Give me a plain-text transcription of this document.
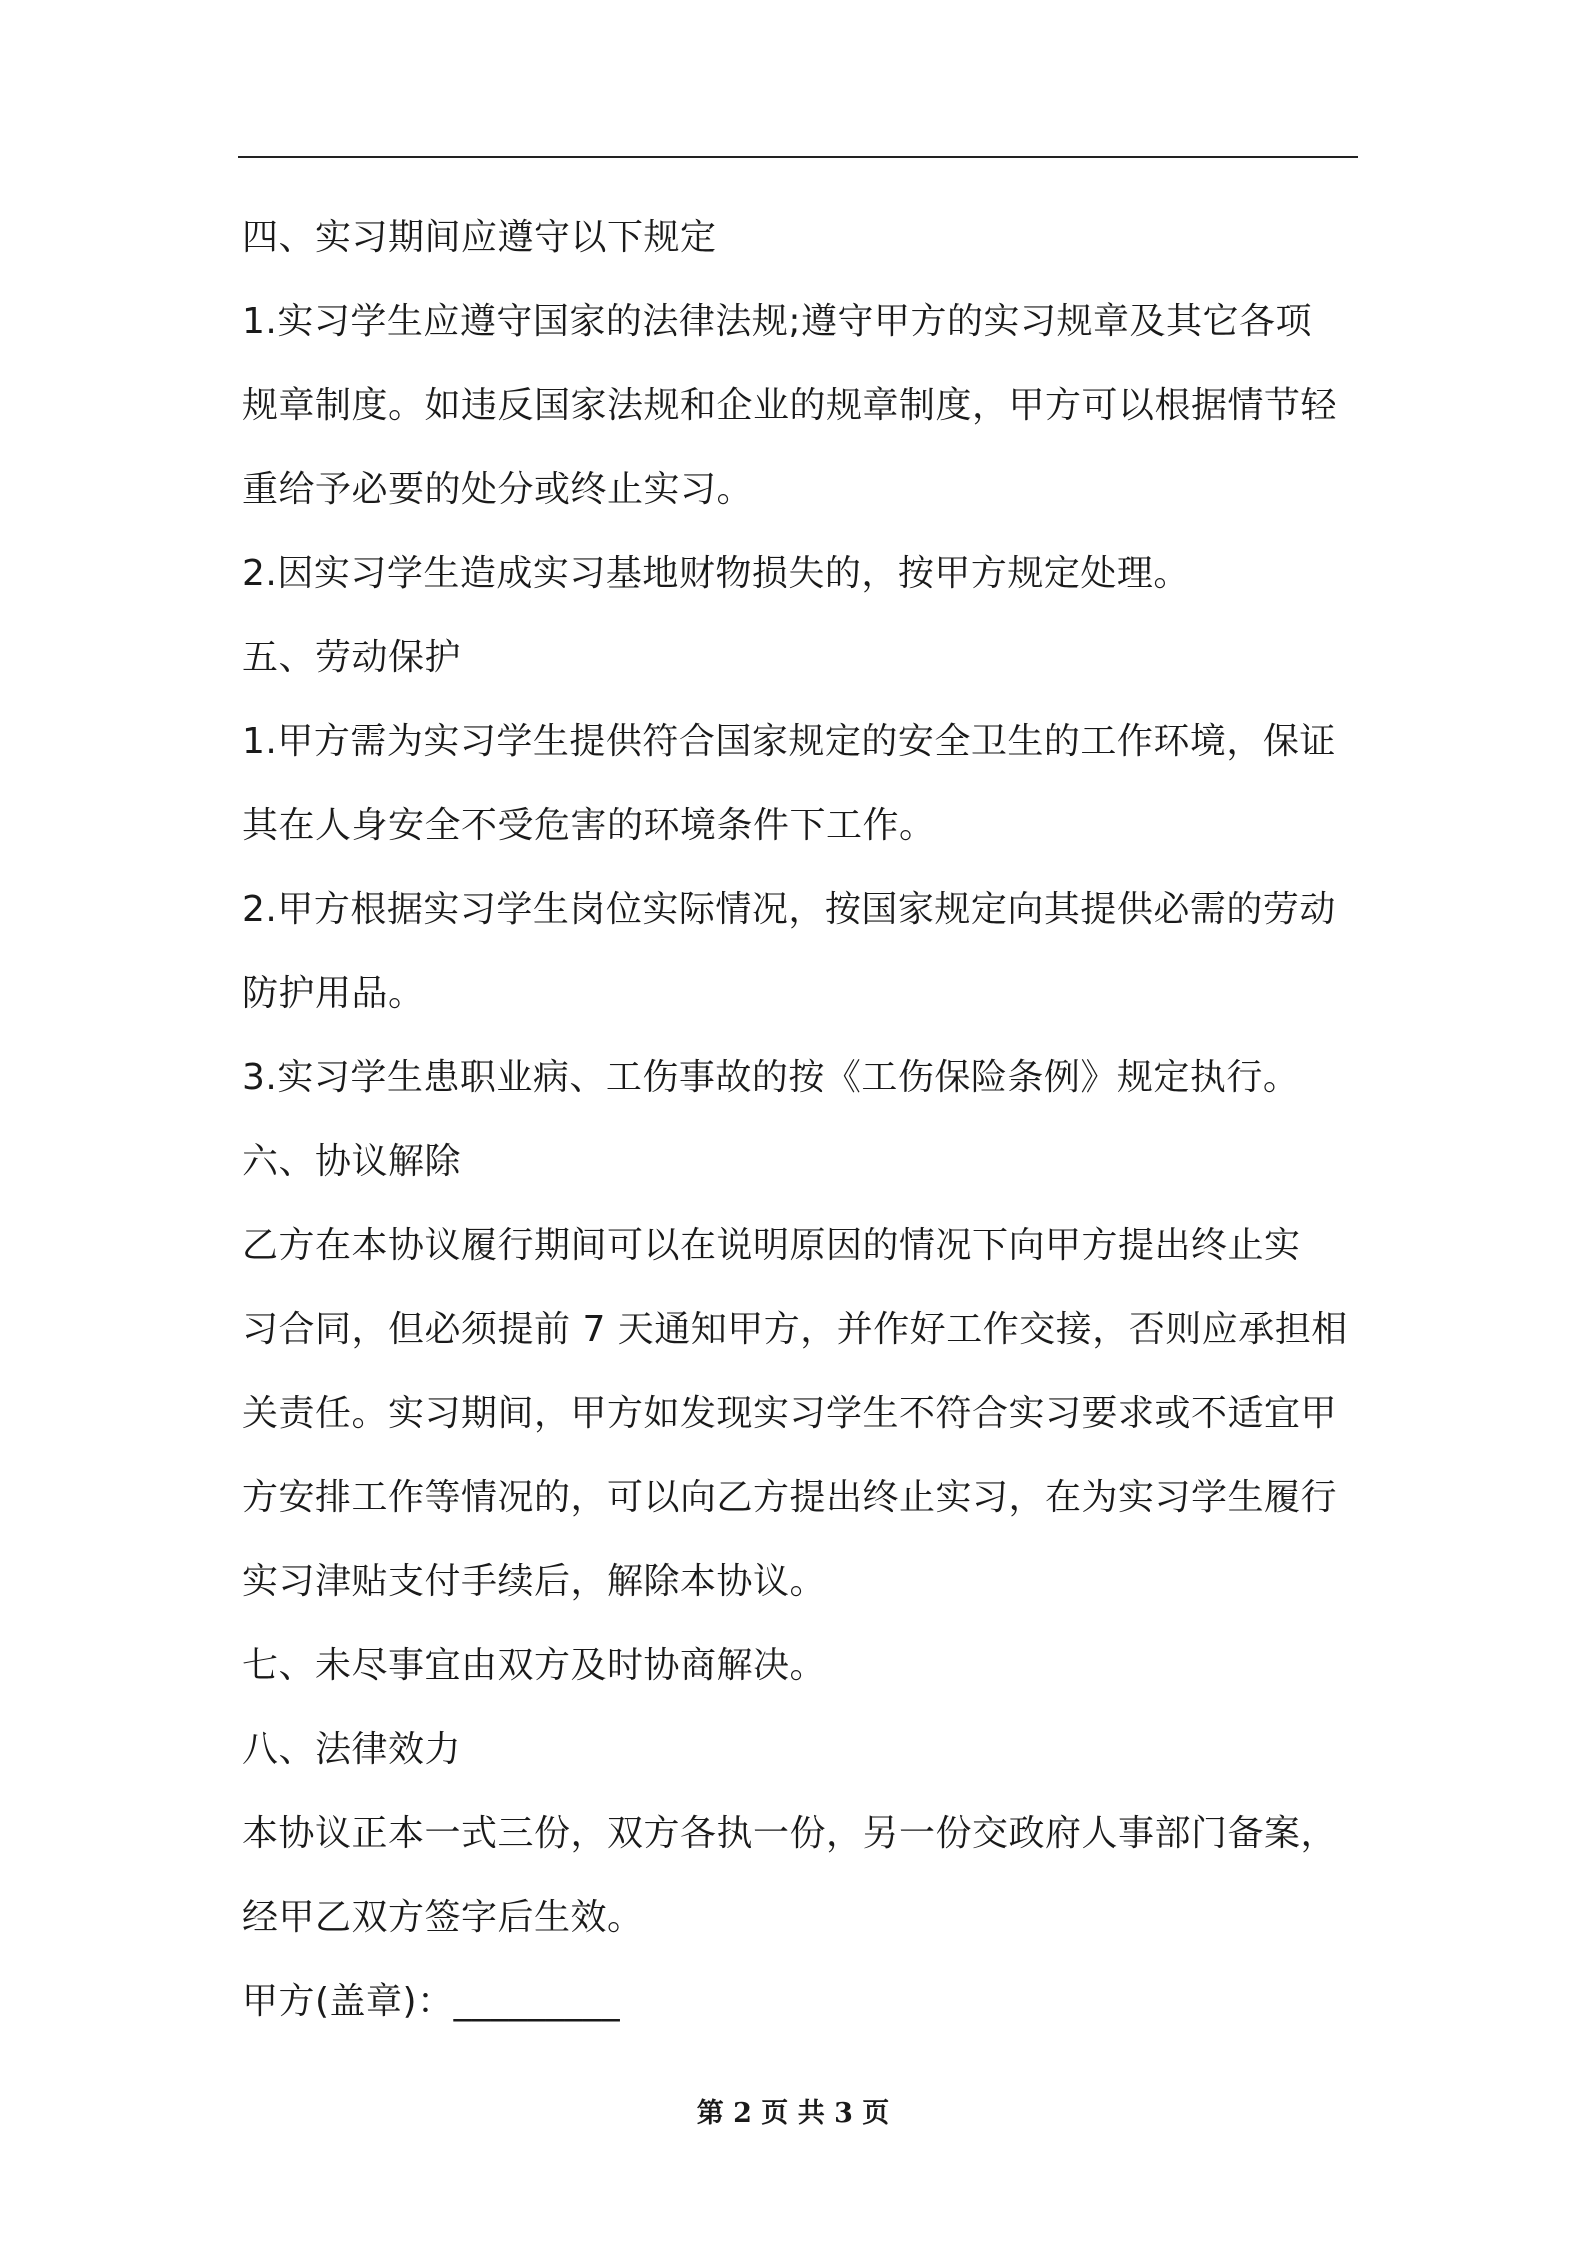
四、实习期间应遵守以下规定
1.实习学生应遵守国家的法律法规;遵守甲方的实习规章及其它各项
规章制度。如违反国家法规和企业的规章制度，甲方可以根据情节轻
重给予必要的处分或终止实习。
2.因实习学生造成实习基地财物损失的，按甲方规定处理。
五、劳动保护
1.甲方需为实习学生提供符合国家规定的安全卫生的工作环境，保证
其在人身安全不受危害的环境条件下工作。
2.甲方根据实习学生岗位实际情况，按国家规定向其提供必需的劳动
防护用品。
3.实习学生患职业病、工伤事故的按《工伤保险条例》规定执行。
六、协议解除
乙方在本协议履行期间可以在说明原因的情况下向甲方提出终止实
习合同，但必须提前 7 天通知甲方，并作好工作交接，否则应承担相
关责任。实习期间，甲方如发现实习学生不符合实习要求或不适宜甲
方安排工作等情况的，可以向乙方提出终止实习，在为实习学生履行
实习津贴支付手续后，解除本协议。
七、未尽事宜由双方及时协商解决。
八、法律效力
本协议正本一式三份，双方各执一份，另一份交政府人事部门备案，
经甲乙双方签字后生效。
甲方(盖章)：_________
第 2 页 共 3 页
